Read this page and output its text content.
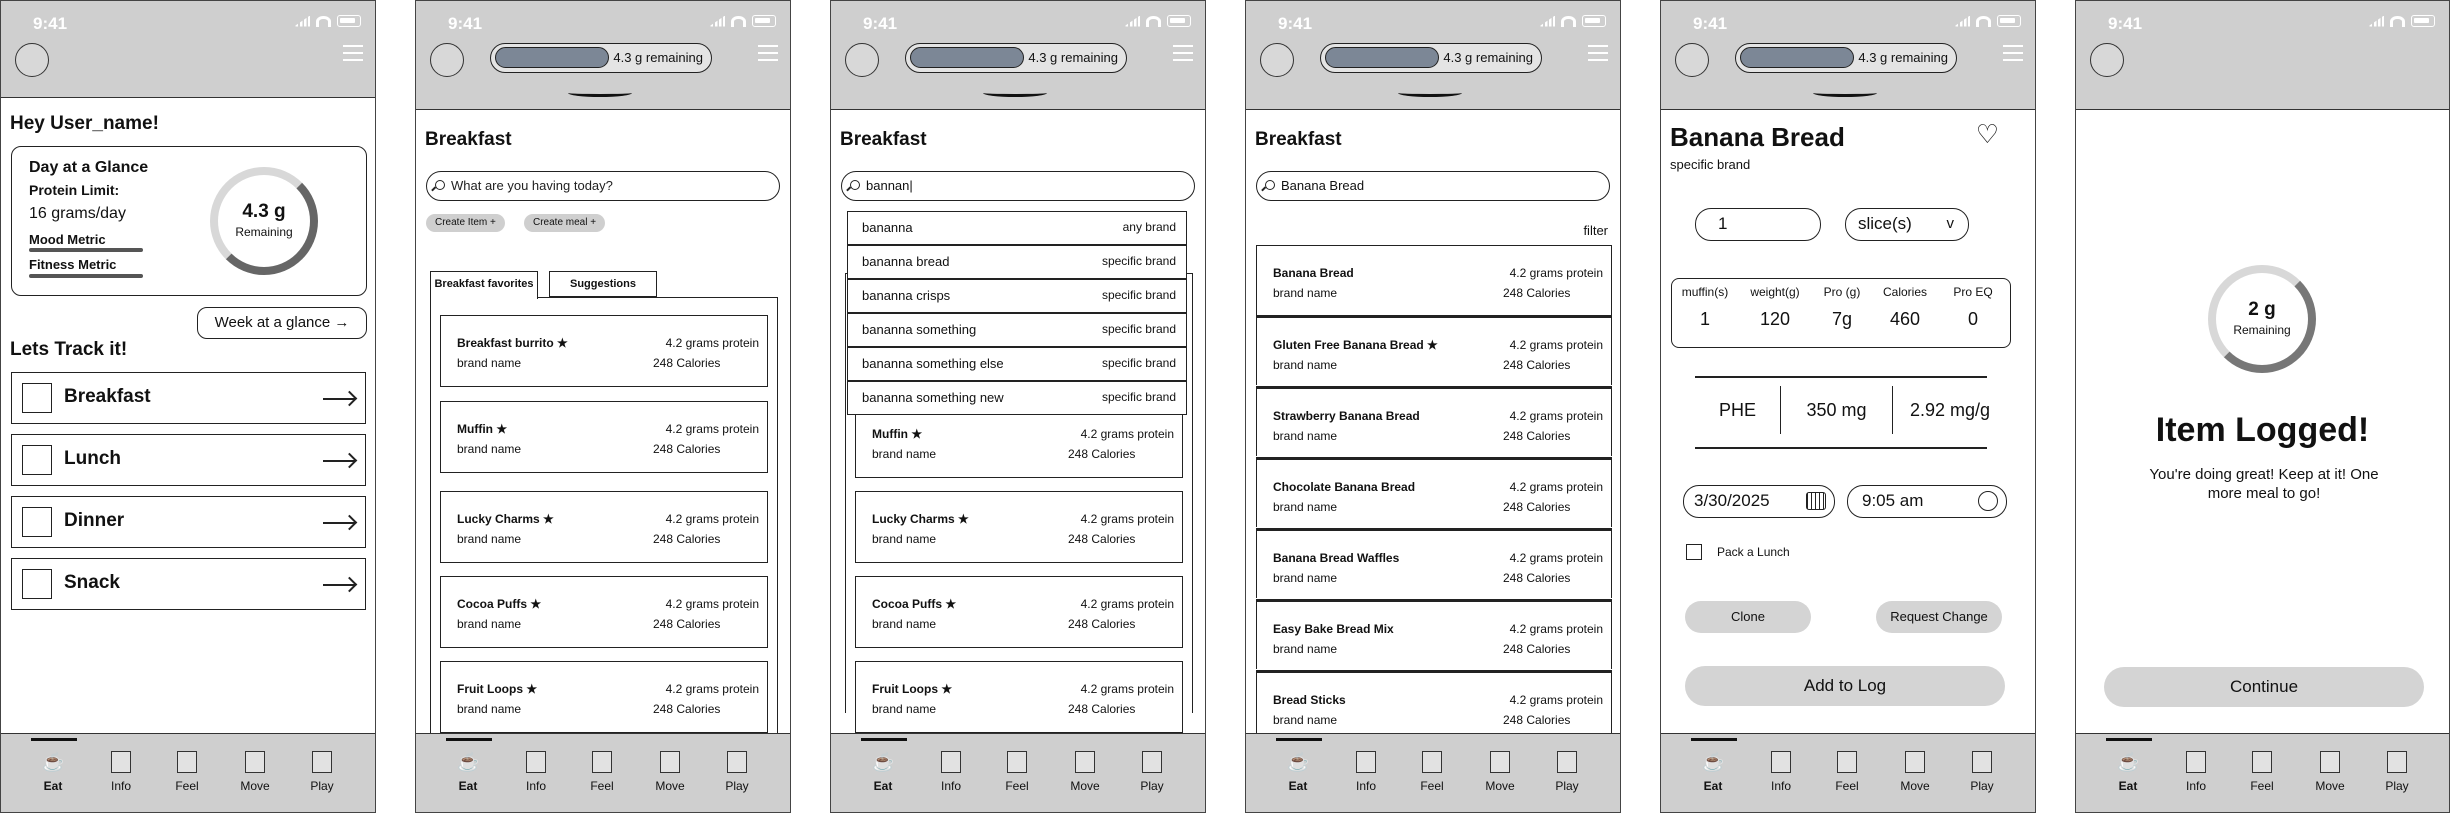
9:41
Hey User_name!
Day at a Glance
Protein Limit:
16 grams/day
Mood Metric
Fitness Metric
4.3 g
Remaining
Week at a glance →
Lets Track it!
Breakfast
Lunch
Dinner
Snack
☕
Eat	Info	Feel	Move	Play
9:41
4.3 g remaining
Breakfast
What are you having today?
Create Item +	Create meal +
Breakfast favorites	Suggestions
Breakfast burrito ★
brand name
4.2 grams protein
248 Calories
Muffin ★
brand name
4.2 grams protein
248 Calories
Lucky Charms ★
brand name
4.2 grams protein
248 Calories
Cocoa Puffs ★
brand name
4.2 grams protein
248 Calories
Fruit Loops ★
brand name
4.2 grams protein
248 Calories
☕
Eat	Info	Feel	Move	Play
9:41
4.3 g remaining
Breakfast
bannan|
Muffin ★
brand name
4.2 grams protein
248 Calories
Lucky Charms ★
brand name
4.2 grams protein
248 Calories
Cocoa Puffs ★
brand name
4.2 grams protein
248 Calories
Fruit Loops ★
brand name
4.2 grams protein
248 Calories
bananna	any brand
bananna bread	specific brand
bananna crisps	specific brand
bananna something	specific brand
bananna something else	specific brand
bananna something new	specific brand
☕
Eat	Info	Feel	Move	Play
9:41
4.3 g remaining
Breakfast
Banana Bread
filter
Banana Bread
brand name
4.2 grams protein
248 Calories
Gluten Free Banana Bread ★
brand name
4.2 grams protein
248 Calories
Strawberry Banana Bread
brand name
4.2 grams protein
248 Calories
Chocolate Banana Bread
brand name
4.2 grams protein
248 Calories
Banana Bread Waffles
brand name
4.2 grams protein
248 Calories
Easy Bake Bread Mix
brand name
4.2 grams protein
248 Calories
Bread Sticks
brand name
4.2 grams protein
248 Calories
☕
Eat	Info	Feel	Move	Play
9:41
4.3 g remaining
Banana Bread
specific brand
♡
1	slice(s) v
muffin(s)	weight(g)	Pro (g)	Calories	Pro EQ
1	120	7g	460	0
PHE	350 mg	2.92 mg/g
3/30/2025	9:05 am
Pack a Lunch
Clone	Request Change
Add to Log
☕
Eat	Info	Feel	Move	Play
9:41
2 g
Remaining
Item Logged!
You're doing great! Keep at it! One more meal to go!
Continue
☕
Eat	Info	Feel	Move	Play
